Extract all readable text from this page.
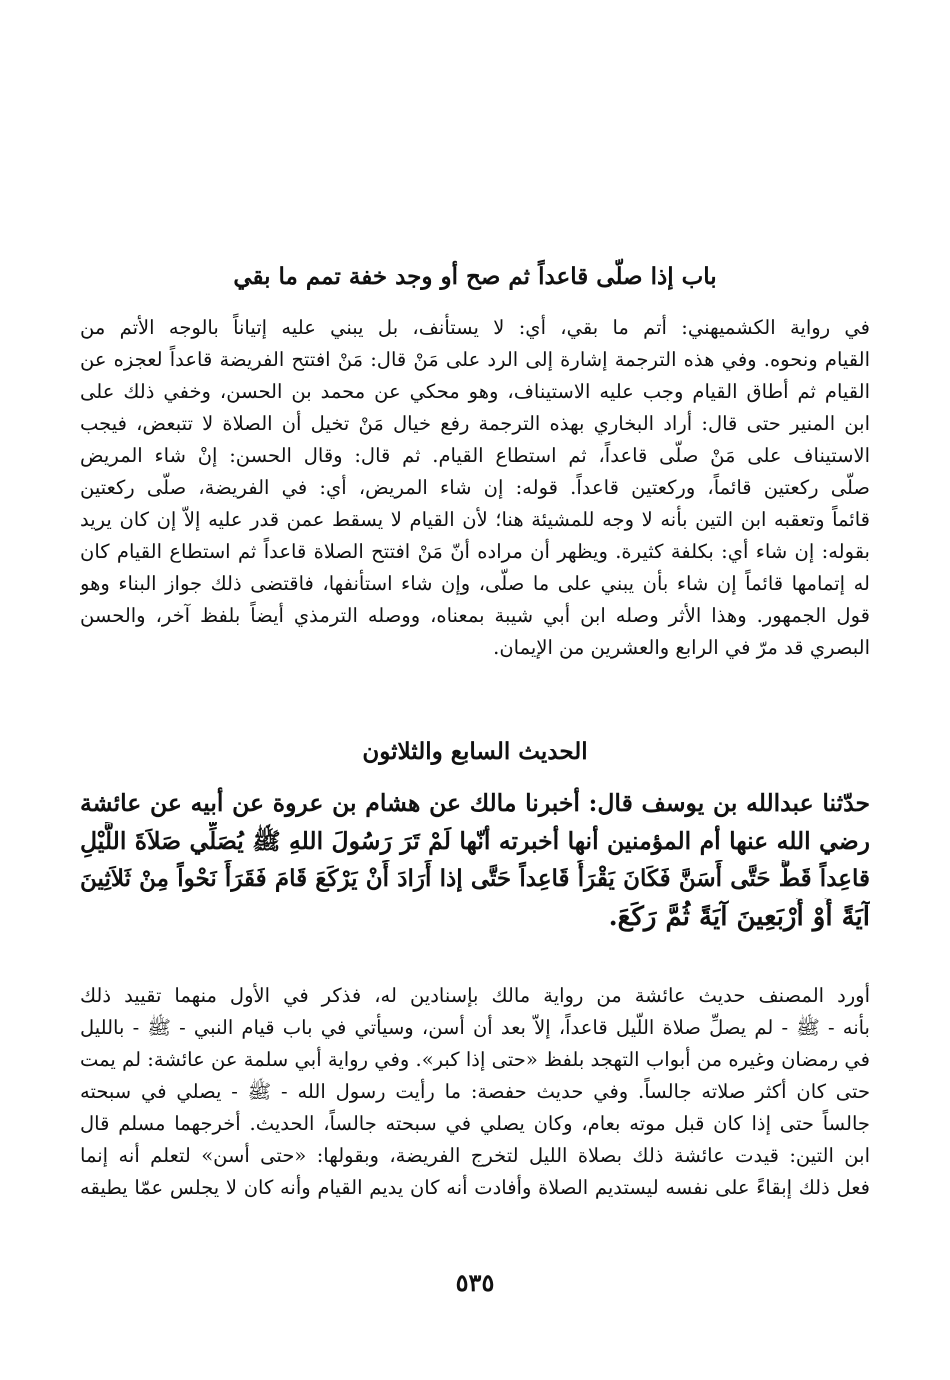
باب إذا صلّى قاعداً ثم صح أو وجد خفة تمم ما بقي
في رواية الكشميهني: أتم ما بقي، أي: لا يستأنف، بل يبني عليه إتياناً بالوجه الأتم من
القيام ونحوه. وفي هذه الترجمة إشارة إلى الرد على مَنْ قال: مَنْ افتتح الفريضة قاعداً لعجزه عن
القيام ثم أطاق القيام وجب عليه الاستيناف، وهو محكي عن محمد بن الحسن، وخفي ذلك على
ابن المنير حتى قال: أراد البخاري بهذه الترجمة رفع خيال مَنْ تخيل أن الصلاة لا تتبعض، فيجب
الاستيناف على مَنْ صلّى قاعداً، ثم استطاع القيام. ثم قال: وقال الحسن: إنْ شاء المريض
صلّى ركعتين قائماً، وركعتين قاعداً. قوله: إن شاء المريض، أي: في الفريضة، صلّى ركعتين
قائماً وتعقبه ابن التين بأنه لا وجه للمشيئة هنا؛ لأن القيام لا يسقط عمن قدر عليه إلاّ إن كان يريد
بقوله: إن شاء أي: بكلفة كثيرة. ويظهر أن مراده أنّ مَنْ افتتح الصلاة قاعداً ثم استطاع القيام كان
له إتمامها قائماً إن شاء بأن يبني على ما صلّى، وإن شاء استأنفها، فاقتضى ذلك جواز البناء وهو
قول الجمهور. وهذا الأثر وصله ابن أبي شيبة بمعناه، ووصله الترمذي أيضاً بلفظ آخر، والحسن
البصري قد مرّ في الرابع والعشرين من الإيمان.
الحديث السابع والثلاثون
حدّثنا عبدالله بن يوسف قال: أخبرنا مالك عن هشام بن عروة عن أبيه عن عائشة
رضي الله عنها أم المؤمنين أنها أخبرته أنّها لَمْ تَرَ رَسُولَ اللهِ ﷺ يُصَلِّي صَلاَةَ اللَّيْلِ
قاعِداً قَطُّ حَتَّى أَسَنَّ فَكَانَ يَقْرَأُ قَاعِداً حَتَّى إذا أَرَادَ أَنْ يَرْكَعَ قَامَ فَقَرَأَ نَحْواً مِنْ ثَلاَثِينَ
آيَةً أَوْ أَرْبَعِينَ آيَةً ثُمَّ رَكَعَ.
أورد المصنف حديث عائشة من رواية مالك بإسنادين له، فذكر في الأول منهما تقييد ذلك
بأنه - ﷺ - لم يصلِّ صلاة اللّيل قاعداً، إلاّ بعد أن أسن، وسيأتي في باب قيام النبي - ﷺ - بالليل
في رمضان وغيره من أبواب التهجد بلفظ «حتى إذا كبر». وفي رواية أبي سلمة عن عائشة: لم يمت
حتى كان أكثر صلاته جالساً. وفي حديث حفصة: ما رأيت رسول الله - ﷺ - يصلي في سبحته
جالساً حتى إذا كان قبل موته بعام، وكان يصلي في سبحته جالساً، الحديث. أخرجهما مسلم قال
ابن التين: قيدت عائشة ذلك بصلاة الليل لتخرج الفريضة، وبقولها: «حتى أسن» لتعلم أنه إنما
فعل ذلك إبقاءً على نفسه ليستديم الصلاة وأفادت أنه كان يديم القيام وأنه كان لا يجلس عمّا يطيقه
٥٣٥
